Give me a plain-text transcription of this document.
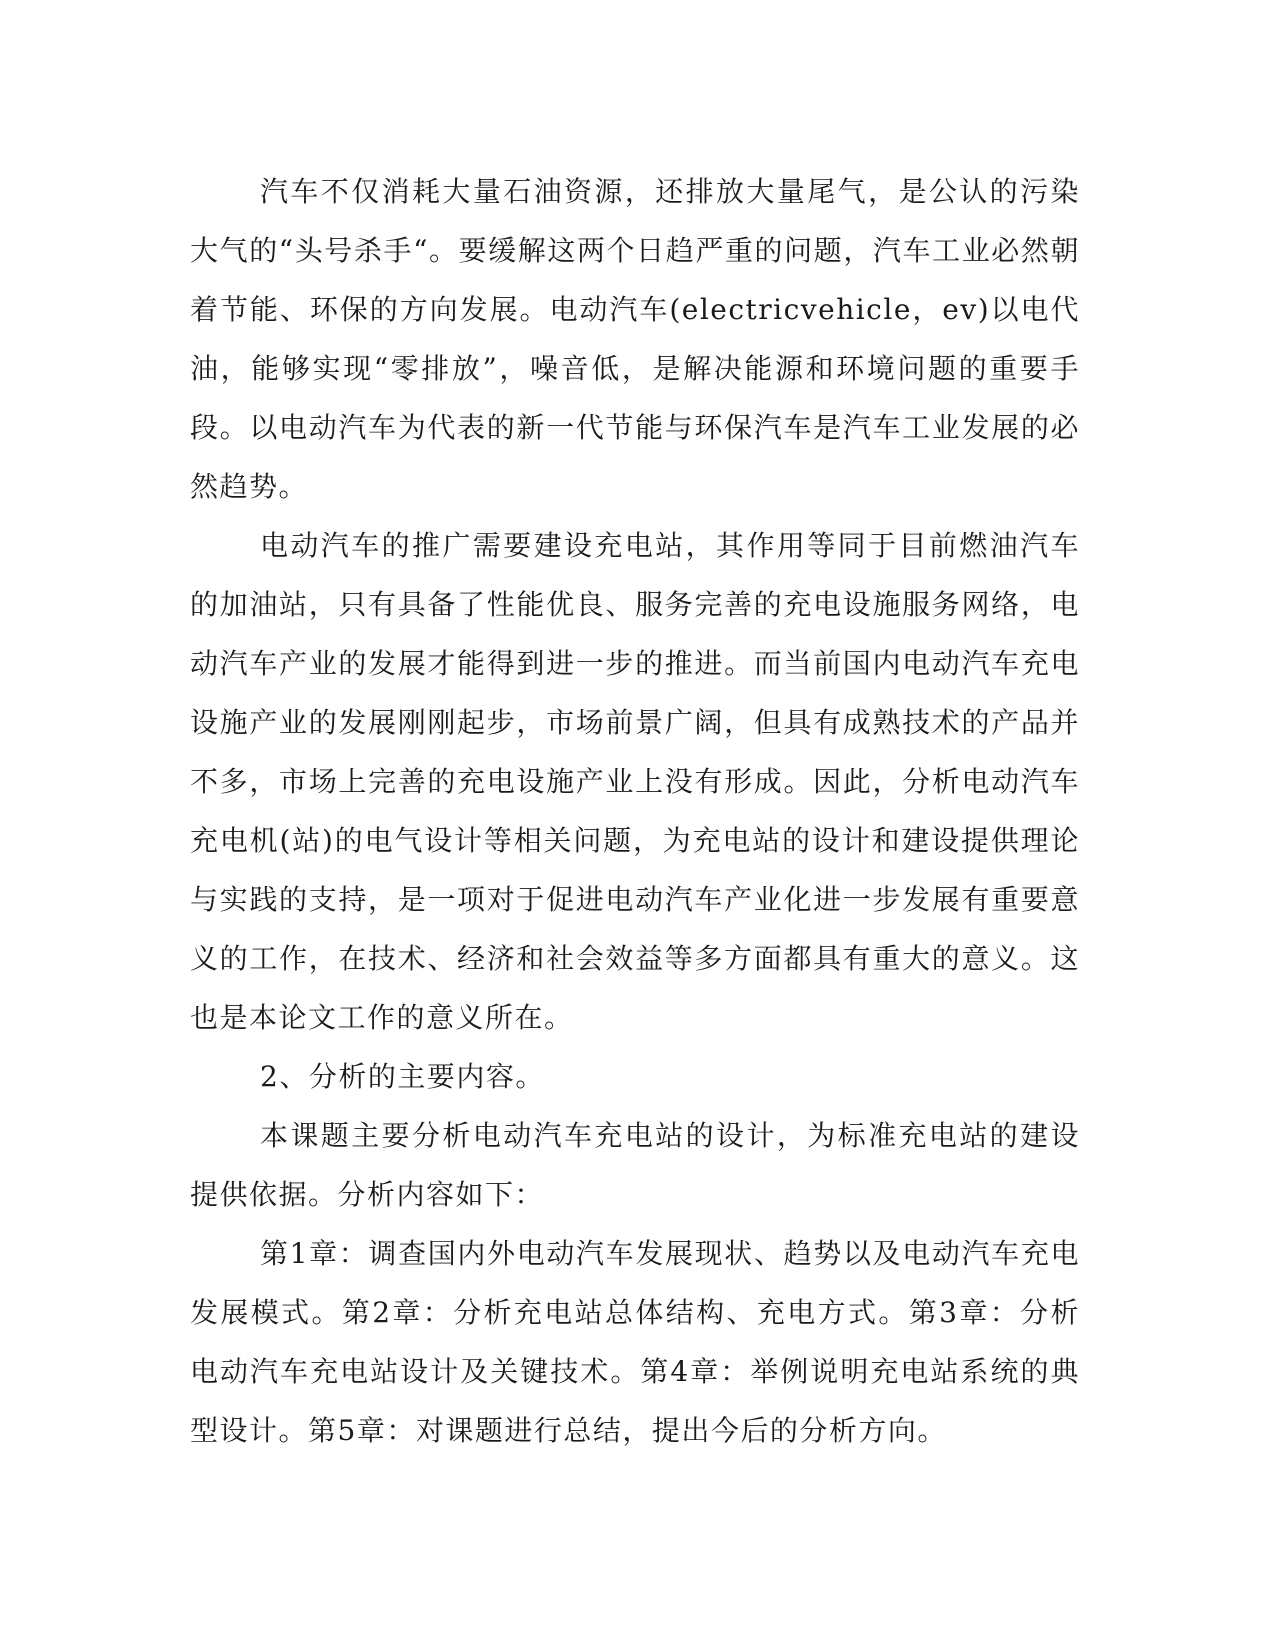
汽车不仅消耗大量石油资源，还排放大量尾气，是公认的污染大气的“头号杀手“。要缓解这两个日趋严重的问题，汽车工业必然朝着节能、环保的方向发展。电动汽车(electricvehicle，ev)以电代油，能够实现“零排放”，噪音低，是解决能源和环境问题的重要手段。以电动汽车为代表的新一代节能与环保汽车是汽车工业发展的必然趋势。

电动汽车的推广需要建设充电站，其作用等同于目前燃油汽车的加油站，只有具备了性能优良、服务完善的充电设施服务网络，电动汽车产业的发展才能得到进一步的推进。而当前国内电动汽车充电设施产业的发展刚刚起步，市场前景广阔，但具有成熟技术的产品并不多，市场上完善的充电设施产业上没有形成。因此，分析电动汽车充电机(站)的电气设计等相关问题，为充电站的设计和建设提供理论与实践的支持，是一项对于促进电动汽车产业化进一步发展有重要意义的工作，在技术、经济和社会效益等多方面都具有重大的意义。这也是本论文工作的意义所在。

2、分析的主要内容。

本课题主要分析电动汽车充电站的设计，为标准充电站的建设提供依据。分析内容如下：

第1章：调查国内外电动汽车发展现状、趋势以及电动汽车充电发展模式。第2章：分析充电站总体结构、充电方式。第3章：分析电动汽车充电站设计及关键技术。第4章：举例说明充电站系统的典型设计。第5章：对课题进行总结，提出今后的分析方向。
